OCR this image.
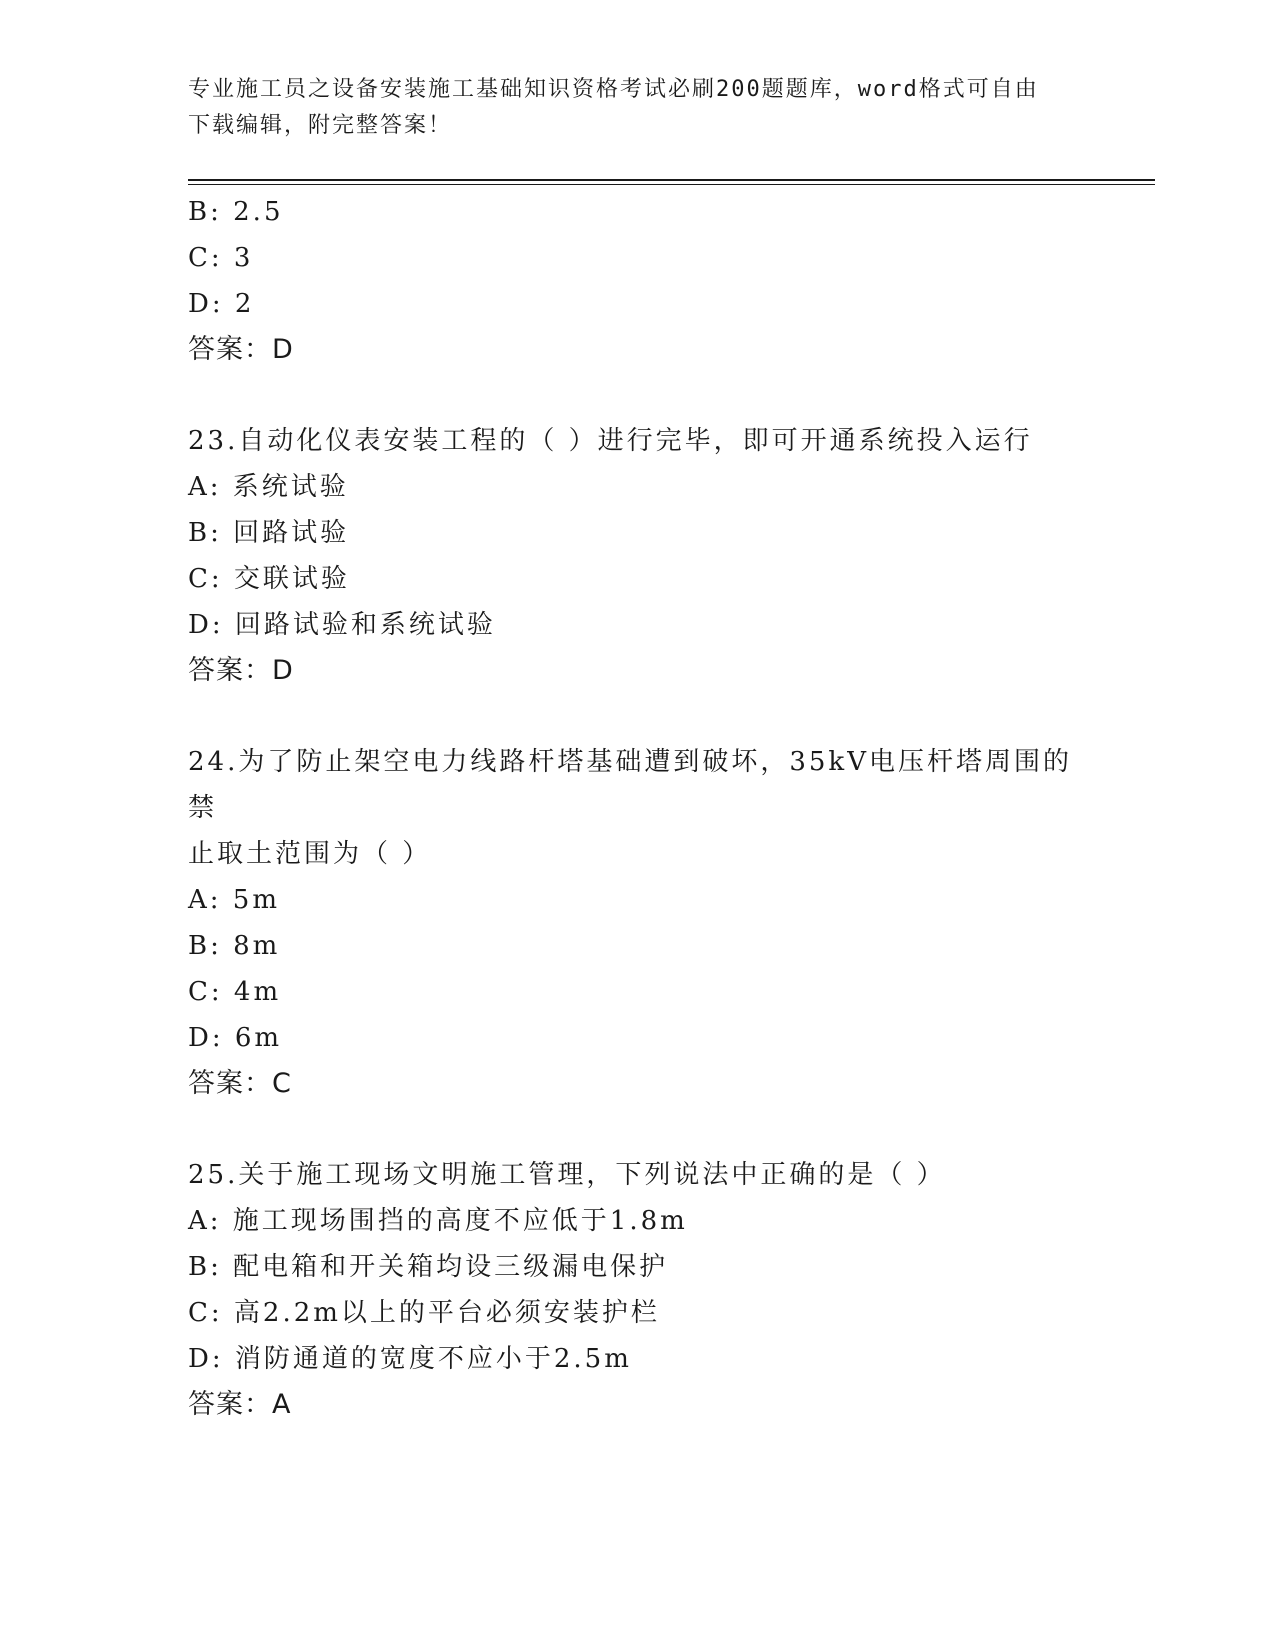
专业施工员之设备安装施工基础知识资格考试必刷200题题库，word格式可自由
下载编辑，附完整答案！
B: 2.5
C: 3
D: 2
答案：D
23.自动化仪表安装工程的（ ）进行完毕，即可开通系统投入运行
A: 系统试验
B: 回路试验
C: 交联试验
D: 回路试验和系统试验
答案：D
24.为了防止架空电力线路杆塔基础遭到破坏，35kV电压杆塔周围的禁
止取土范围为（ ）
A: 5m
B: 8m
C: 4m
D: 6m
答案：C
25.关于施工现场文明施工管理，下列说法中正确的是（ ）
A: 施工现场围挡的高度不应低于1.8m
B: 配电箱和开关箱均设三级漏电保护
C: 高2.2m以上的平台必须安装护栏
D: 消防通道的宽度不应小于2.5m
答案：A
